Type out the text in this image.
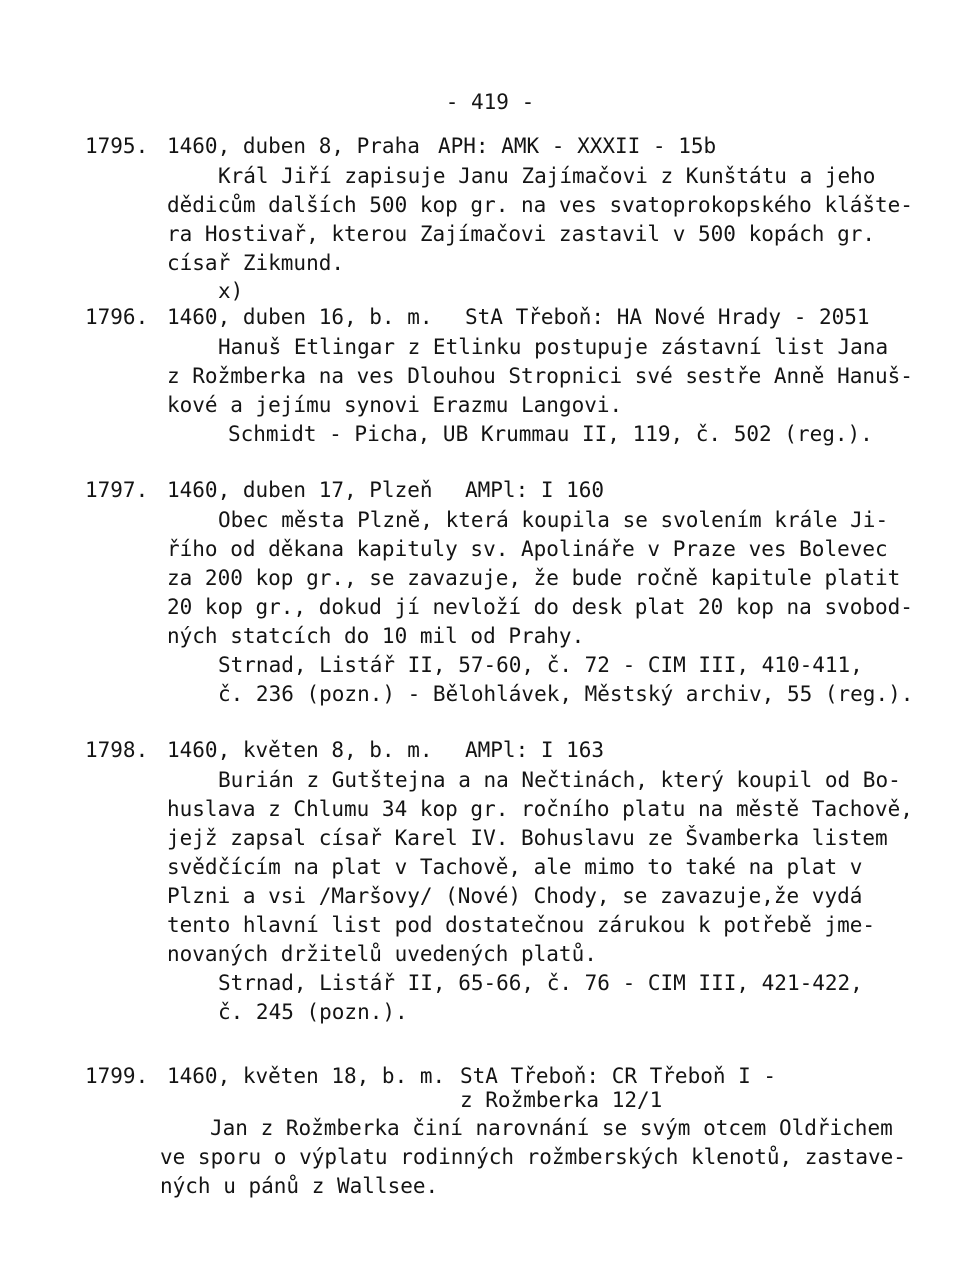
- 419 -
1795. 1460, duben 8, Praha APH: AMK - XXXII - 15b
Král Jiří zapisuje Janu Zajímačovi z Kunštátu a jeho
dědicům dalších 500 kop gr. na ves svatoprokopského klášte-
ra Hostivař, kterou Zajímačovi zastavil v 500 kopách gr.
císař Zikmund.
x)
1796. 1460, duben 16, b. m. StA Třeboň: HA Nové Hrady - 2051
Hanuš Etlingar z Etlinku postupuje zástavní list Jana
z Rožmberka na ves Dlouhou Stropnici své sestře Anně Hanuš-
kové a jejímu synovi Erazmu Langovi.
Schmidt - Picha, UB Krummau II, 119, č. 502 (reg.).
1797. 1460, duben 17, Plzeň AMPl: I 160
Obec města Plzně, která koupila se svolením krále Ji-
řího od děkana kapituly sv. Apolináře v Praze ves Bolevec
za 200 kop gr., se zavazuje, že bude ročně kapitule platit
20 kop gr., dokud jí nevloží do desk plat 20 kop na svobod-
ných statcích do 10 mil od Prahy.
Strnad, Listář II, 57-60, č. 72 - CIM III, 410-411,
č. 236 (pozn.) - Bělohlávek, Městský archiv, 55 (reg.).
1798. 1460, květen 8, b. m. AMPl: I 163
Burián z Gutštejna a na Nečtinách, který koupil od Bo-
huslava z Chlumu 34 kop gr. ročního platu na městě Tachově,
jejž zapsal císař Karel IV. Bohuslavu ze Švamberka listem
svědčícím na plat v Tachově, ale mimo to také na plat v
Plzni a vsi /Maršovy/ (Nové) Chody, se zavazuje,že vydá
tento hlavní list pod dostatečnou zárukou k potřebě jme-
novaných držitelů uvedených platů.
Strnad, Listář II, 65-66, č. 76 - CIM III, 421-422,
č. 245 (pozn.).
1799. 1460, květen 18, b. m. StA Třeboň: CR Třeboň I -
z Rožmberka 12/1
Jan z Rožmberka činí narovnání se svým otcem Oldřichem
ve sporu o výplatu rodinných rožmberských klenotů, zastave-
ných u pánů z Wallsee.
